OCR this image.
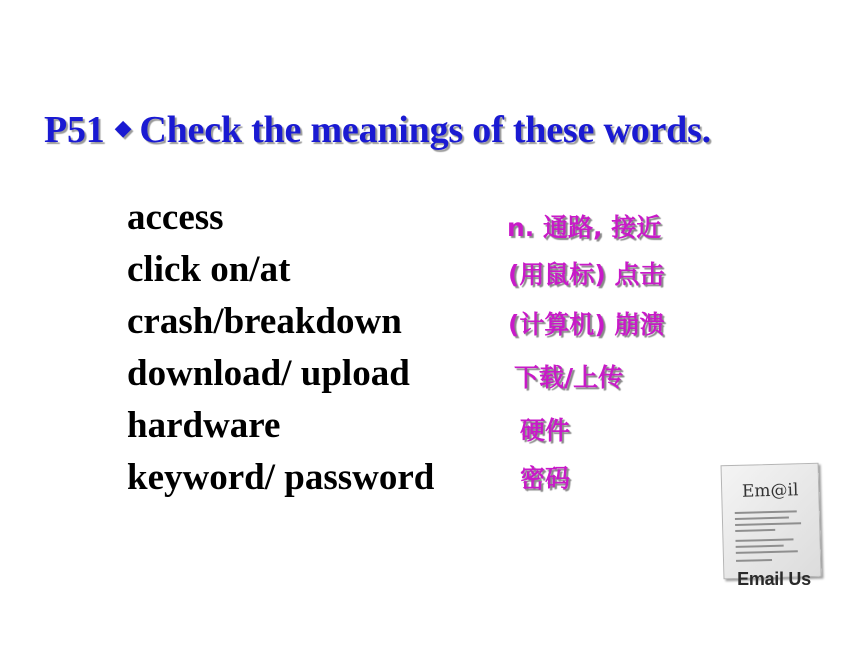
P51 ◆ Check the meanings of these words.
access
click on/at
crash/breakdown
download/ upload
hardware
keyword/ password
n. 通路, 接近
(用鼠标) 点击
(计算机) 崩溃
下载/上传
硬件
密码	Em@il
Email Us
